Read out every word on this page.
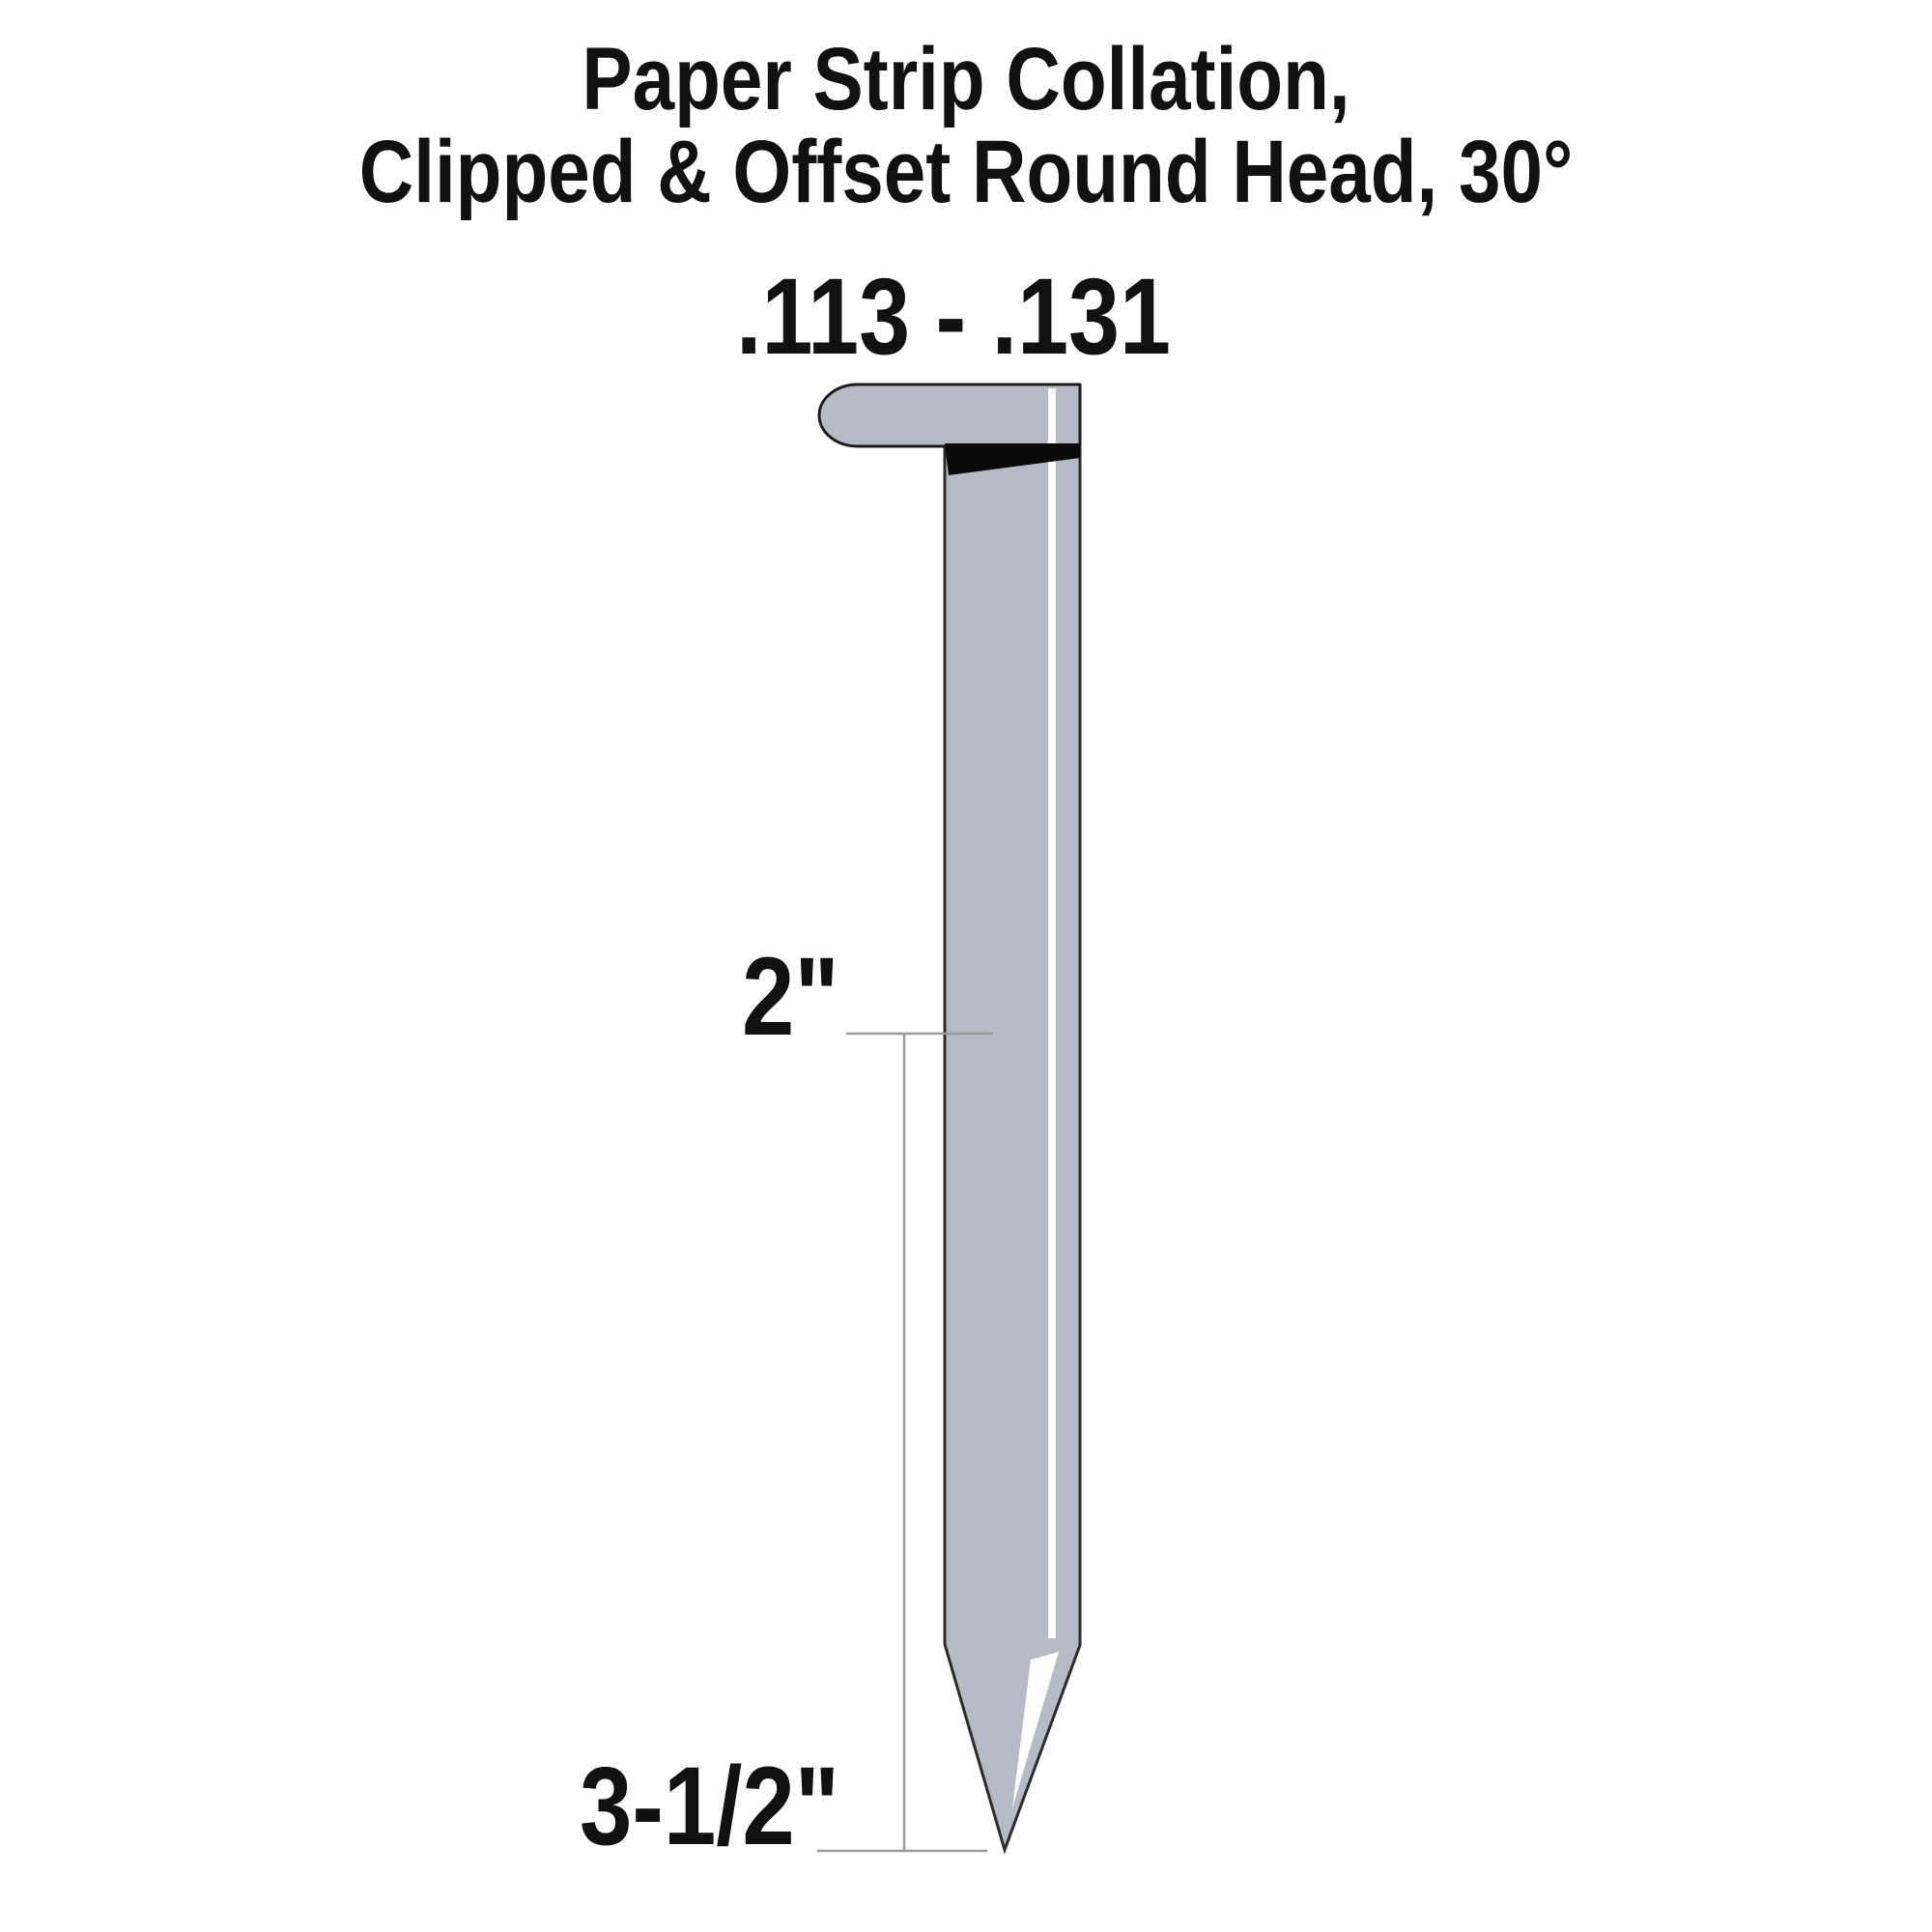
Paper Strip Collation,
Clipped & Offset Round Head, 30°
.113 - .131
2"
3-1/2"
